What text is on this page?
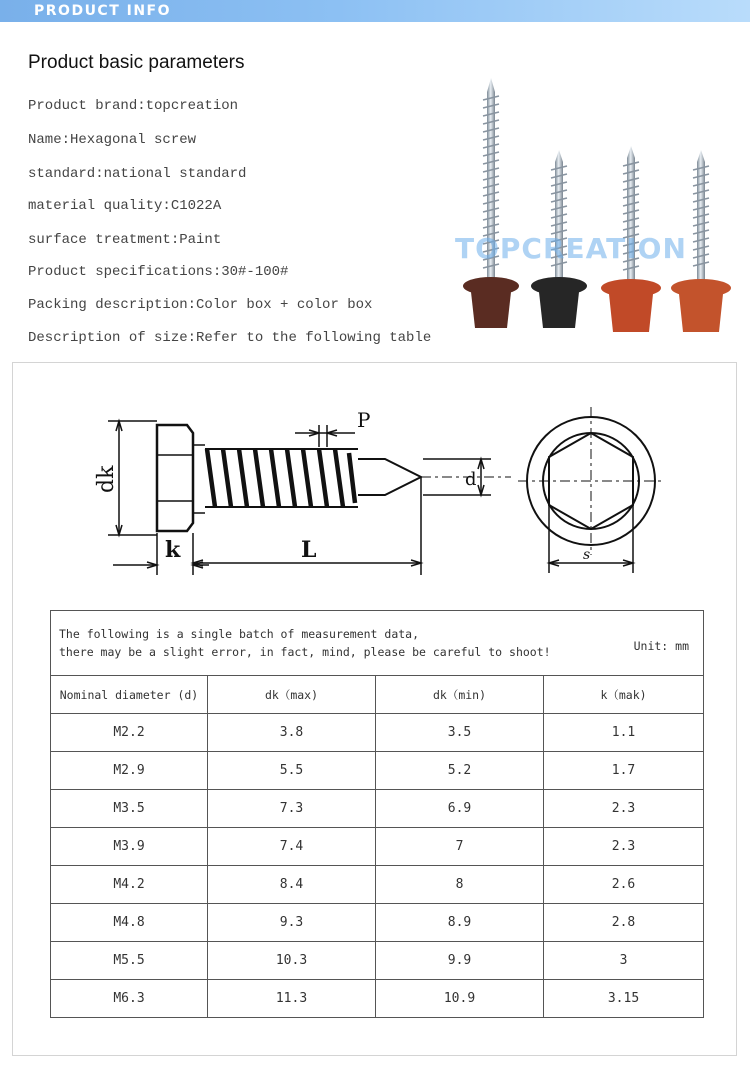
PRODUCT INFO
Product basic parameters
Product brand:topcreation
Name:Hexagonal screw
standard:national standard
material quality:C1022A
surface treatment:Paint
Product specifications:30#-100#
Packing description:Color box + color box
Description of size:Refer to the following table
TOPCREATION
dk
k	L
P
d
s
The following is a single batch of measurement data,
there may be a slight error, in fact, mind, please be careful to shoot! Unit: mm			

Nominal diameter (d)	dk（max)	dk（min)	k（mak)
M2.2	3.8	3.5	1.1
M2.9	5.5	5.2	1.7
M3.5	7.3	6.9	2.3
M3.9	7.4	7	2.3
M4.2	8.4	8	2.6
M4.8	9.3	8.9	2.8
M5.5	10.3	9.9	3
M6.3	11.3	10.9	3.15
